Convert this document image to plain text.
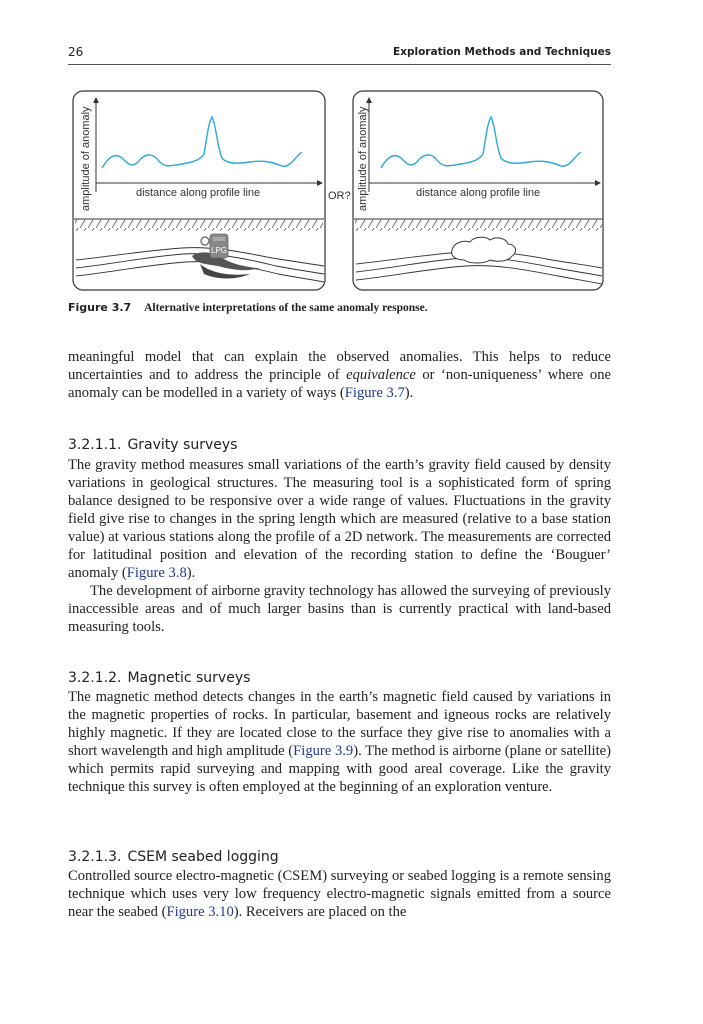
26	Exploration Methods and Techniques
amplitude of anomaly	distance along profile line
LPG
OR? amplitude of anomaly	distance along profile line
Figure 3.7 Alternative interpretations of the same anomaly response.
meaningful model that can explain the observed anomalies. This helps to reduce uncertainties and to address the principle of equivalence or ‘non-uniqueness’ where one anomaly can be modelled in a variety of ways (Figure 3.7).
3.2.1.1. Gravity surveys
The gravity method measures small variations of the earth’s gravity field caused by density variations in geological structures. The measuring tool is a sophisticated form of spring balance designed to be responsive over a wide range of values. Fluctuations in the gravity field give rise to changes in the spring length which are measured (relative to a base station value) at various stations along the profile of a 2D network. The measurements are corrected for latitudinal position and elevation of the recording station to define the ‘Bouguer’ anomaly (Figure 3.8).
The development of airborne gravity technology has allowed the surveying of previously inaccessible areas and of much larger basins than is currently practical with land-based measuring tools.
3.2.1.2. Magnetic surveys
The magnetic method detects changes in the earth’s magnetic field caused by variations in the magnetic properties of rocks. In particular, basement and igneous rocks are relatively highly magnetic. If they are located close to the surface they give rise to anomalies with a short wavelength and high amplitude (Figure 3.9). The method is airborne (plane or satellite) which permits rapid surveying and mapping with good areal coverage. Like the gravity technique this survey is often employed at the beginning of an exploration venture.
3.2.1.3. CSEM seabed logging
Controlled source electro-magnetic (CSEM) surveying or seabed logging is a remote sensing technique which uses very low frequency electro-magnetic signals emitted from a source near the seabed (Figure 3.10). Receivers are placed on the
